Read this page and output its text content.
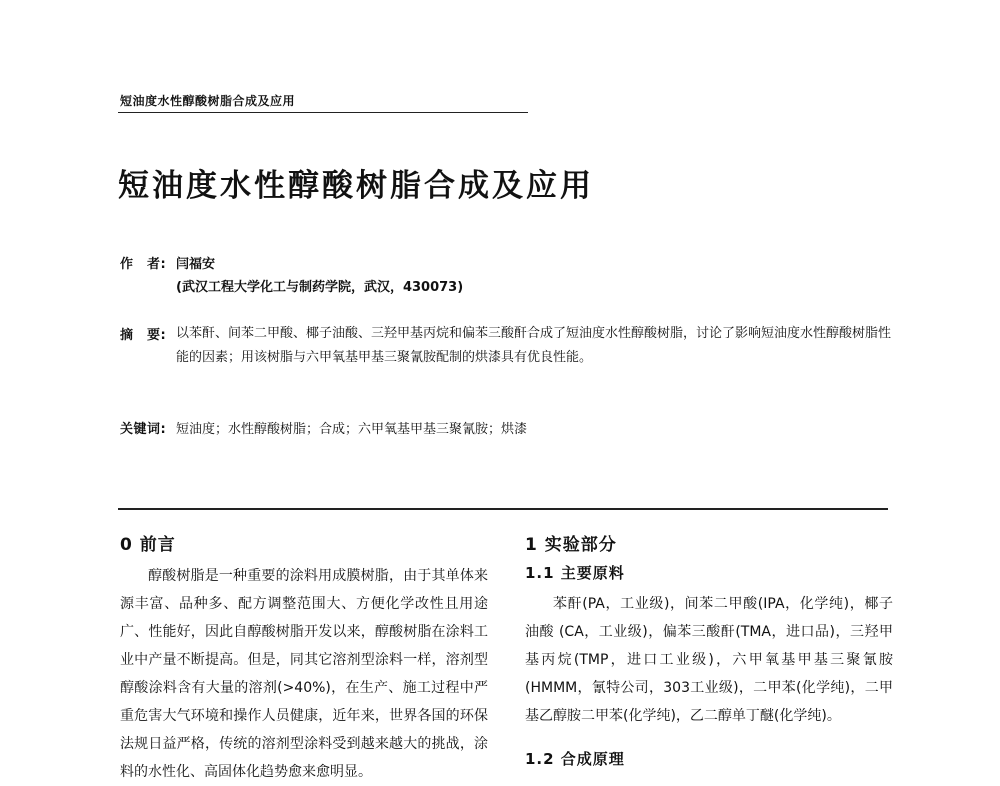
短油度水性醇酸树脂合成及应用
短油度水性醇酸树脂合成及应用
作　者: 闫福安
(武汉工程大学化工与制药学院，武汉，430073)
摘　要: 以苯酐、间苯二甲酸、椰子油酸、三羟甲基丙烷和偏苯三酸酐合成了短油度水性醇酸树脂，讨论了影响短油度水性醇酸树脂性能的因素；用该树脂与六甲氧基甲基三聚氰胺配制的烘漆具有优良性能。
关键词: 短油度；水性醇酸树脂；合成；六甲氧基甲基三聚氰胺；烘漆
0 前言

醇酸树脂是一种重要的涂料用成膜树脂，由于其单体来源丰富、品种多、配方调整范围大、方便化学改性且用途广、性能好，因此自醇酸树脂开发以来，醇酸树脂在涂料工业中产量不断提高。但是，同其它溶剂型涂料一样，溶剂型醇酸涂料含有大量的溶剂(>40%)，在生产、施工过程中严重危害大气环境和操作人员健康，近年来，世界各国的环保法规日益严格，传统的溶剂型涂料受到越来越大的挑战，涂料的水性化、高固体化趋势愈来愈明显。

1 实验部分
1.1 主要原料

苯酐(PA，工业级)，间苯二甲酸(IPA，化学纯)，椰子油酸 (CA，工业级)，偏苯三酸酐(TMA，进口品)，三羟甲基丙烷(TMP，进口工业级)，六甲氧基甲基三聚氰胺(HMMM，氰特公司，303工业级)，二甲苯(化学纯)，二甲基乙醇胺二甲苯(化学纯)，乙二醇单丁醚(化学纯)。

1.2 合成原理
